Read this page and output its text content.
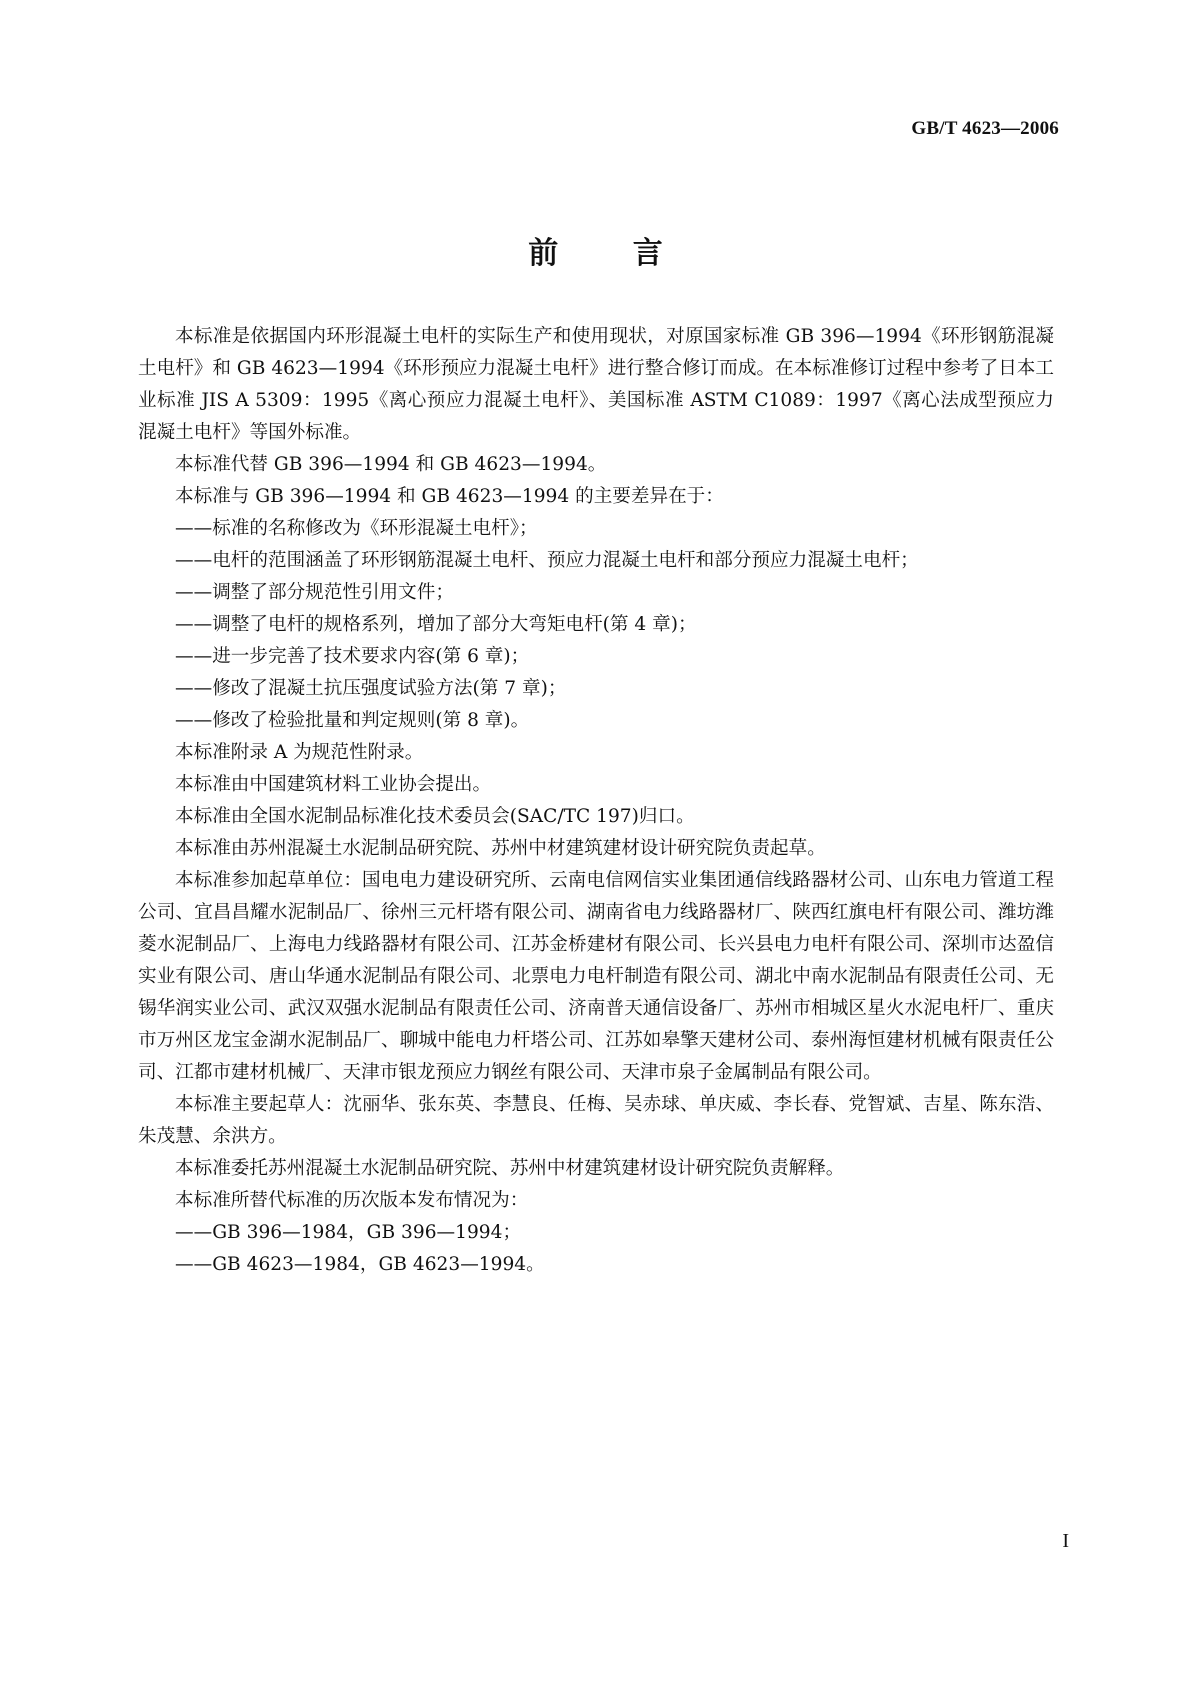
GB/T 4623—2006
前 言

本标准是依据国内环形混凝土电杆的实际生产和使用现状，对原国家标准 GB 396—1994《环形钢筋混凝土电杆》和 GB 4623—1994《环形预应力混凝土电杆》进行整合修订而成。在本标准修订过程中参考了日本工业标准 JIS A 5309：1995《离心预应力混凝土电杆》、美国标准 ASTM C1089：1997《离心法成型预应力混凝土电杆》等国外标准。

本标准代替 GB 396—1994 和 GB 4623—1994。

本标准与 GB 396—1994 和 GB 4623—1994 的主要差异在于：

——标准的名称修改为《环形混凝土电杆》；

——电杆的范围涵盖了环形钢筋混凝土电杆、预应力混凝土电杆和部分预应力混凝土电杆；

——调整了部分规范性引用文件；

——调整了电杆的规格系列，增加了部分大弯矩电杆(第 4 章)；

——进一步完善了技术要求内容(第 6 章)；

——修改了混凝土抗压强度试验方法(第 7 章)；

——修改了检验批量和判定规则(第 8 章)。

本标准附录 A 为规范性附录。

本标准由中国建筑材料工业协会提出。

本标准由全国水泥制品标准化技术委员会(SAC/TC 197)归口。

本标准由苏州混凝土水泥制品研究院、苏州中材建筑建材设计研究院负责起草。

本标准参加起草单位：国电电力建设研究所、云南电信网信实业集团通信线路器材公司、山东电力管道工程公司、宜昌昌耀水泥制品厂、徐州三元杆塔有限公司、湖南省电力线路器材厂、陕西红旗电杆有限公司、潍坊潍菱水泥制品厂、上海电力线路器材有限公司、江苏金桥建材有限公司、长兴县电力电杆有限公司、深圳市达盈信实业有限公司、唐山华通水泥制品有限公司、北票电力电杆制造有限公司、湖北中南水泥制品有限责任公司、无锡华润实业公司、武汉双强水泥制品有限责任公司、济南普天通信设备厂、苏州市相城区星火水泥电杆厂、重庆市万州区龙宝金湖水泥制品厂、聊城中能电力杆塔公司、江苏如皋擎天建材公司、泰州海恒建材机械有限责任公司、江都市建材机械厂、天津市银龙预应力钢丝有限公司、天津市泉子金属制品有限公司。

本标准主要起草人：沈丽华、张东英、李慧良、任梅、吴赤球、单庆威、李长春、党智斌、吉星、陈东浩、朱茂慧、余洪方。

本标准委托苏州混凝土水泥制品研究院、苏州中材建筑建材设计研究院负责解释。

本标准所替代标准的历次版本发布情况为：

——GB 396—1984，GB 396—1994；

——GB 4623—1984，GB 4623—1994。

I
